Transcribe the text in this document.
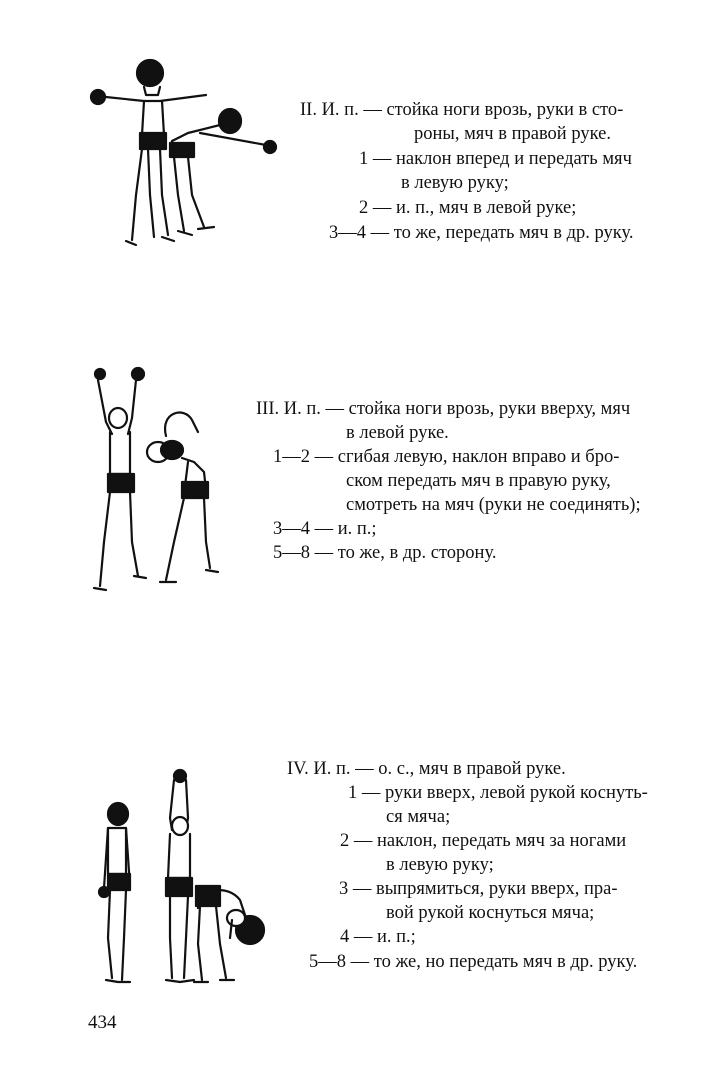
II. И. п. — стойка ноги врозь, руки в сто-
роны, мяч в правой руке.
1 — наклон вперед и передать мяч
в левую руку;
2 — и. п., мяч в левой руке;
3—4 — то же, передать мяч в др. руку.
III. И. п. — стойка ноги врозь, руки вверху, мяч
в левой руке.
1—2 — сгибая левую, наклон вправо и бро-
ском передать мяч в правую руку,
смотреть на мяч (руки не соединять);
3—4 — и. п.;
5—8 — то же, в др. сторону.
IV. И. п. — о. с., мяч в правой руке.
1 — руки вверх, левой рукой коснуть-
ся мяча;
2 — наклон, передать мяч за ногами
в левую руку;
3 — выпрямиться, руки вверх, пра-
вой рукой коснуться мяча;
4 — и. п.;
5—8 — то же, но передать мяч в др. руку.
434
